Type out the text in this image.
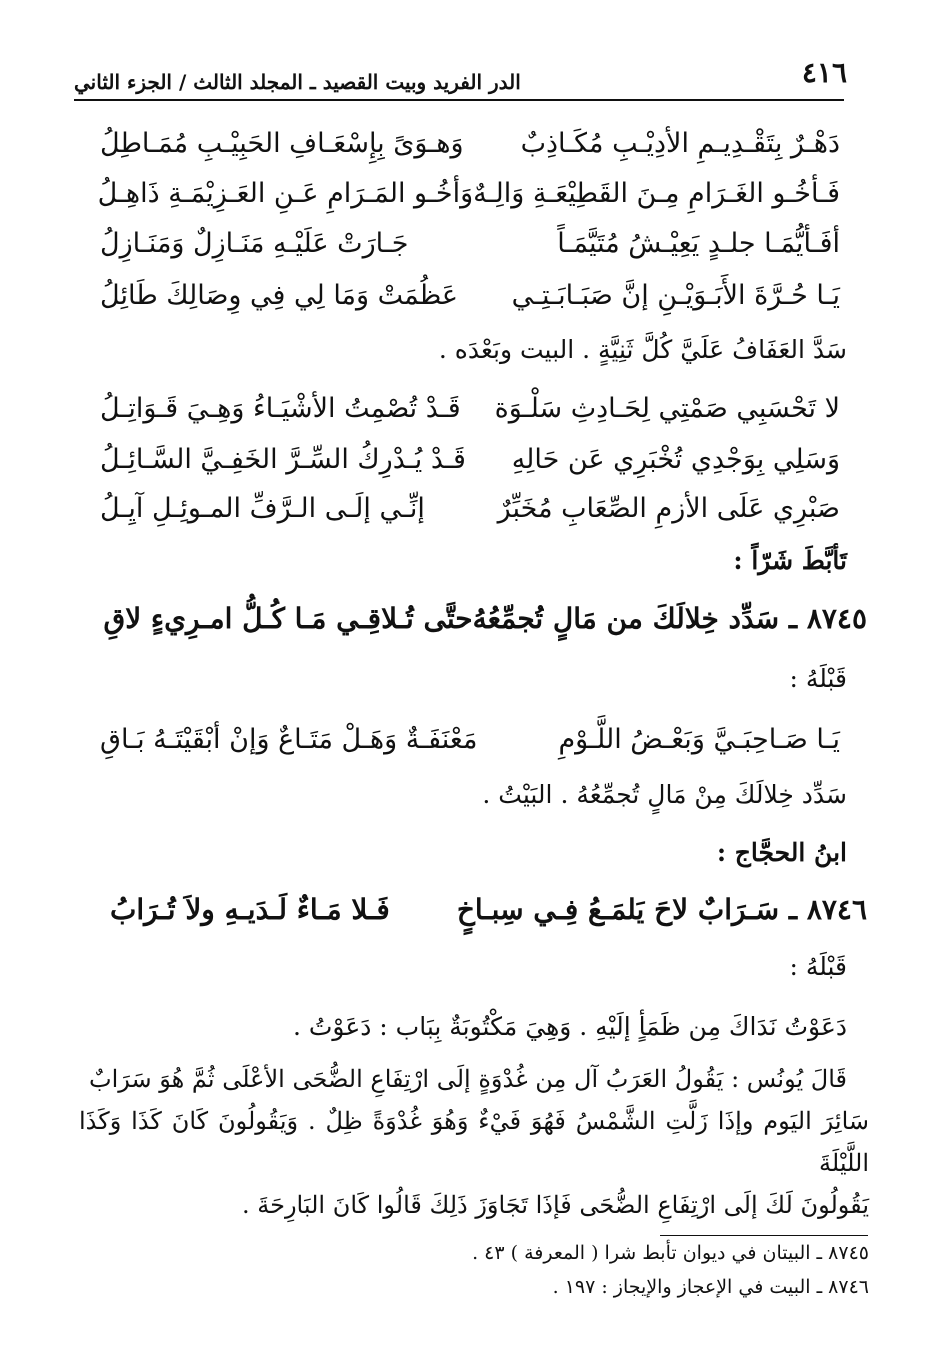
٤١٦
الدر الفريد وبيت القصيد ـ المجلد الثالث / الجزء الثاني
دَهْـرٌ بِتَقْـدِيـمِ الأدِيْـبِ مُكَـاذِبٌ
وَهـوَىً بِإِسْعَـافِ الحَبِيْـبِ مُمَـاطِلُ
فَـأخُـو الغَـرَامِ مِـنَ القَطِيْعَـةِ وَالِـهٌ
وَأخُـو المَـرَامِ عَـنِ العَـزِيْمَـةِ ذَاهِـلُ
أفَـأيُّمَـا جلـدٍ يَعِيْـشُ مُتَيَّمَـاً
جَـارَتْ عَلَيْـهِ مَنَـازِلٌ وَمَنَـازِلُ
يَـا حُـرَّةَ الأَبَـوَيْـنِ إنَّ صَبَـابَـتِـي
عَظُمَتْ وَمَا لِي فِي وِصَالِكَ طَائِلُ
سَدَّ العَفَافُ عَلَيَّ كُلَّ ثَنِيَّةٍ . البيت وبَعْدَه .
لا تَحْسَبِي صَمْتِي لِحَـادِثِ سَلْـوَة
قَـدْ تُصْمِتُ الأشْيَـاءُ وَهِـيَ قَـوَاتِـلُ
وَسَلِي بِوَجْدِي تُخْبَرِي عَن حَالِهِ
قَـدْ يُـدْرِكُ السِّـرَّ الخَفِـيَّ السَّـائِـلُ
صَبْرِي عَلَى الأزمِ الصِّعَابِ مُخَبِّرٌ
إنِّـي إلَـى الـرَّفِّ المـوئِـلِ آيِـلُ
تَأبَّطَ شَرّاً :
٨٧٤٥ ـ سَدِّد خِلالَكَ من مَالٍ تُجمِّعُهُ
حتَّى تُـلاقِـي مَـا كُـلُّ امـرِيءٍ لاقِ
قَبْلَهُ :
يَـا صَـاحِبَـيَّ وَبَعْـضُ اللَّـوْمِ
مَعْنَفَـةٌ وَهَـلْ مَتَـاعٌ وَإنْ أبْقَيْتَـهُ بَـاقِ
سَدِّد خِلالَكَ مِنْ مَالٍ تُجمِّعُهُ . البَيْتُ .
ابنُ الحجَّاج :
٨٧٤٦ ـ سَـرَابٌ لاحَ يَلمَـعُ فِـي سِبـاخٍ
فَـلا مَـاءٌ لَـدَيـهِ ولاَ تُـرَابُ
قَبْلَهُ :
دَعَوْتُ نَدَاكَ مِن ظَمَأٍ إلَيْهِ . وَهِيَ مَكْتُوبَةٌ بِبَاب : دَعَوْتُ .
قَالَ يُونُس : يَقُولُ العَرَبُ آل مِن غُدْوَةٍ إلَى ارْتِفَاعِ الضُّحَى الأعْلَى ثُمَّ هُوَ سَرَابٌ
سَائِرَ اليَوم وإذَا زَلَّتِ الشَّمْسُ فَهُوَ فَيْءٌ وَهُوَ غُدْوَةً ظِلٌ . وَيَقُولُونَ كَانَ كَذَا وَكَذَا اللَّيْلَةَ
يَقُولُونَ لَكَ إلَى ارْتِفَاعِ الضُّحَى فَإذَا تَجَاوَزَ ذَلِكَ قَالُوا كَانَ البَارِحَةَ .
٨٧٤٥ ـ البيتان في ديوان تأبط شرا ( المعرفة ) ٤٣ .
٨٧٤٦ ـ البيت في الإعجاز والإيجاز : ١٩٧ .
